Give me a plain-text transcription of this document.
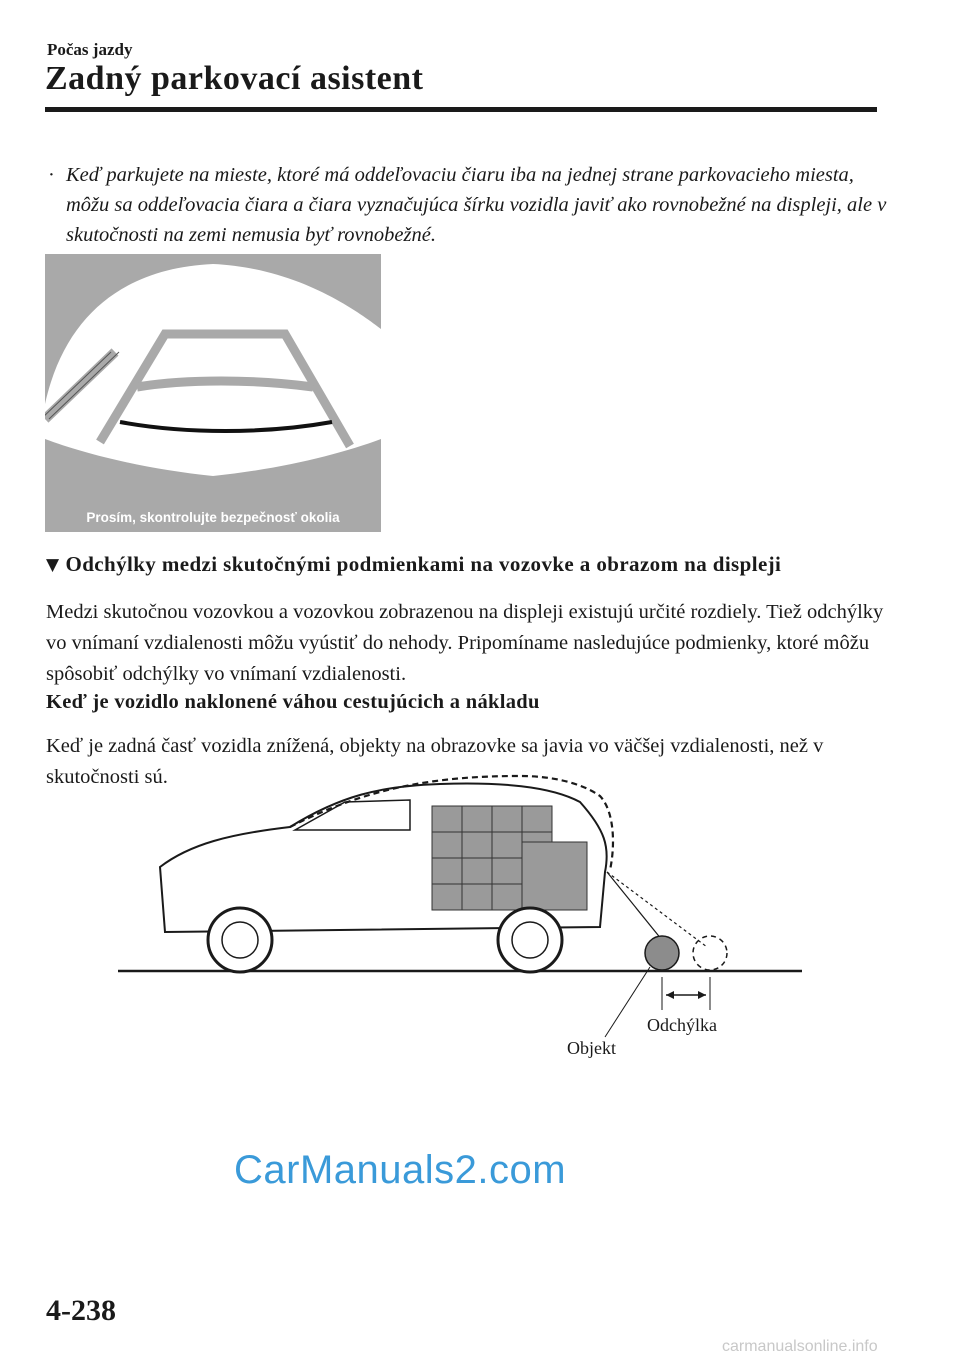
Počas jazdy
Zadný parkovací asistent
· Keď parkujete na mieste, ktoré má oddeľovaciu čiaru iba na jednej strane parkovacieho miesta, môžu sa oddeľovacia čiara a čiara vyznačujúca šírku vozidla javiť ako rovnobežné na displeji, ale v skutočnosti na zemi nemusia byť rovnobežné.
Prosím, skontrolujte bezpečnosť okolia
▼ Odchýlky medzi skutočnými podmienkami na vozovke a obrazom na displeji
Medzi skutočnou vozovkou a vozovkou zobrazenou na displeji existujú určité rozdiely. Tiež odchýlky vo vnímaní vzdialenosti môžu vyústiť do nehody. Pripomíname nasledujúce podmienky, ktoré môžu spôsobiť odchýlky vo vnímaní vzdialenosti.
Keď je vozidlo naklonené váhou cestujúcich a nákladu
Keď je zadná časť vozidla znížená, objekty na obrazovke sa javia vo väčšej vzdialenosti, než v skutočnosti sú.
Odchýlka
Objekt
CarManuals2.com
4-238
carmanualsonline.info
